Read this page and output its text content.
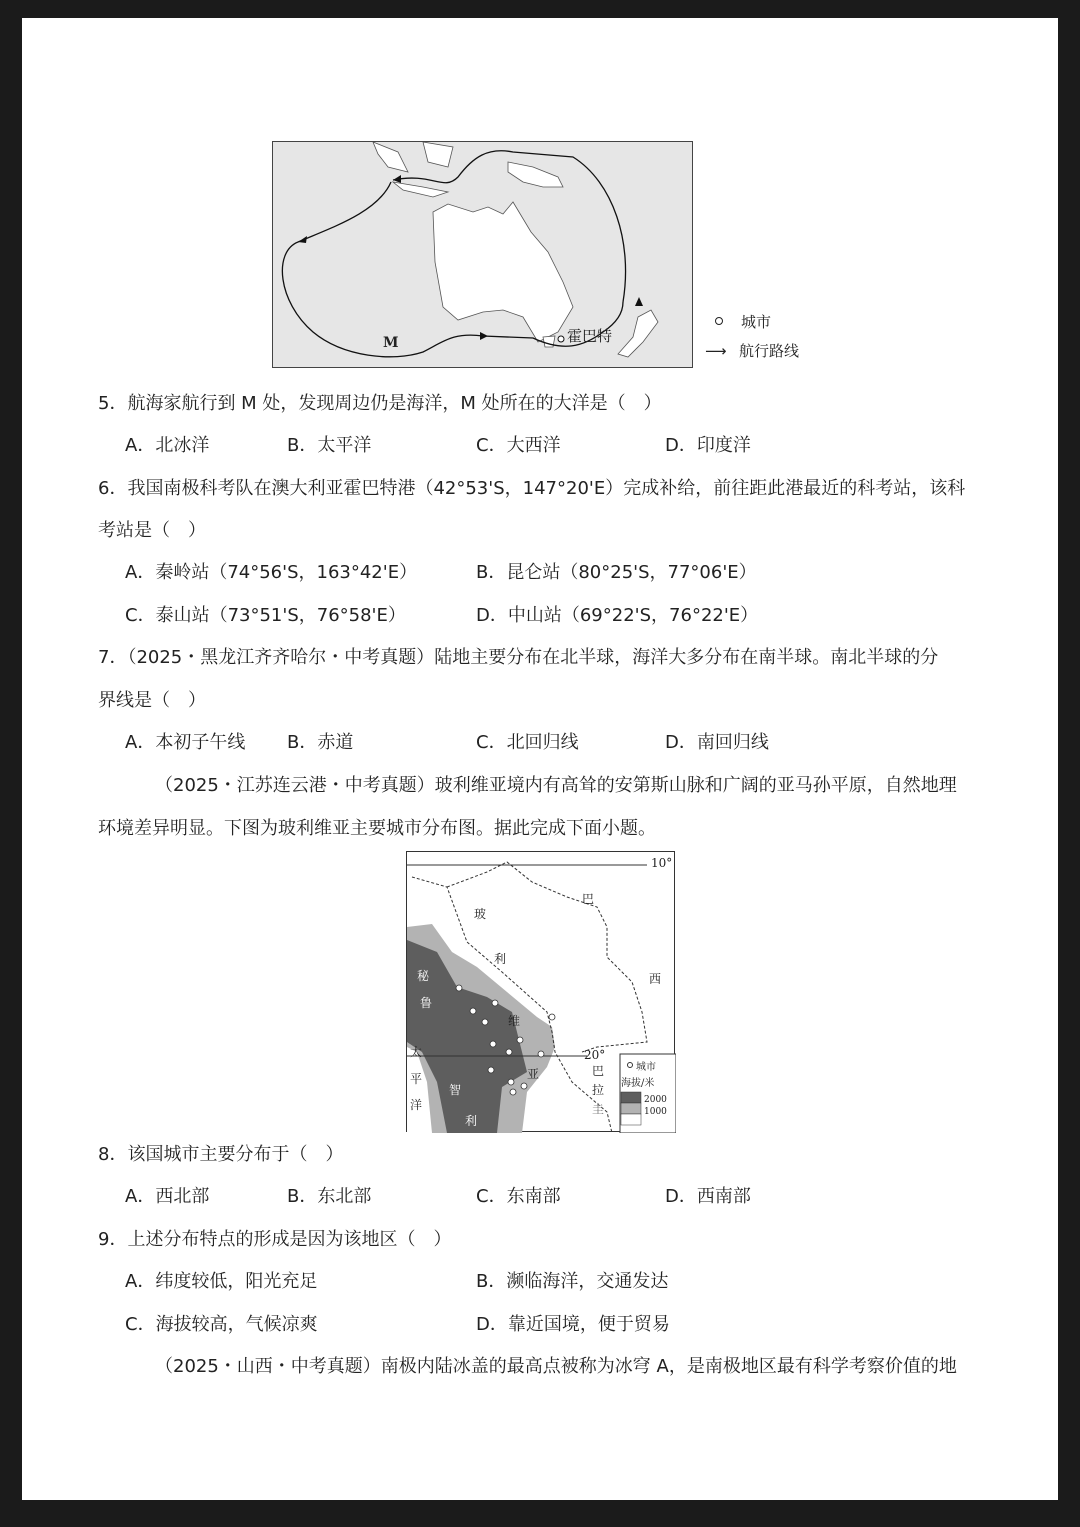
M	霍巴特
城市
⟶ 航行路线
5．航海家航行到 M 处，发现周边仍是海洋，M 处所在的大洋是（　）
A．北冰洋	B．太平洋	C．大西洋	D．印度洋
6．我国南极科考队在澳大利亚霍巴特港（42°53'S，147°20'E）完成补给，前往距此港最近的科考站，该科
考站是（　）
A．秦岭站（74°56'S，163°42'E）	B．昆仑站（80°25'S，77°06'E）
C．泰山站（73°51'S，76°58'E）	D．中山站（69°22'S，76°22'E）
7．（2025・黑龙江齐齐哈尔・中考真题）陆地主要分布在北半球，海洋大多分布在南半球。南北半球的分
界线是（　）
A．本初子午线 B．赤道	C．北回归线	D．南回归线
（2025・江苏连云港・中考真题）玻利维亚境内有高耸的安第斯山脉和广阔的亚马孙平原，自然地理
环境差异明显。下图为玻利维亚主要城市分布图。据此完成下面小题。
10°
20°
玻
利
维
亚
巴
西
秘
鲁
太
平
洋
智
利
巴
拉
圭
城市
海拔/米
2000
1000
8．该国城市主要分布于（　）
A．西北部	B．东北部	C．东南部	D．西南部
9．上述分布特点的形成是因为该地区（　）
A．纬度较低，阳光充足	B．濒临海洋，交通发达
C．海拔较高，气候凉爽	D．靠近国境，便于贸易
（2025・山西・中考真题）南极内陆冰盖的最高点被称为冰穹 A，是南极地区最有科学考察价值的地
